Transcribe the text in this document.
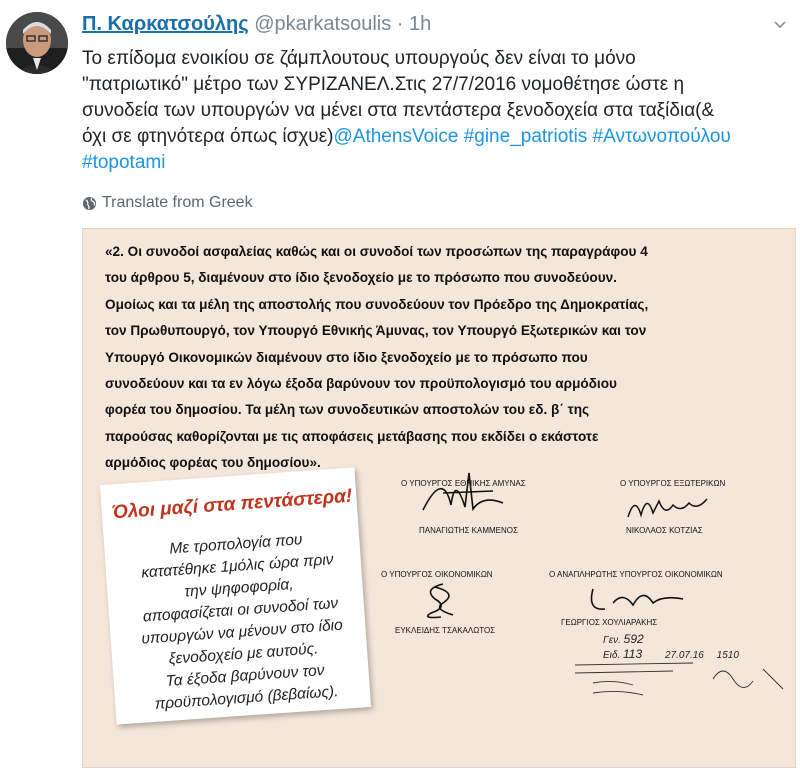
Π. Καρκατσούλης @pkarkatsoulis · 1h
Το επίδομα ενοικίου σε ζάμπλουτους υπουργούς δεν είναι το μόνο
"πατριωτικό" μέτρο των ΣΥΡΙΖΑΝΕΛ.Στις 27/7/2016 νομοθέτησε ώστε η
συνοδεία των υπουργών να μένει στα πεντάστερα ξενοδοχεία στα ταξίδια(&
όχι σε φτηνότερα όπως ίσχυε)@AthensVoice #gine_patriotis #Αντωνοπούλου
#topotami
Translate from Greek
«2. Οι συνοδοί ασφαλείας καθώς και οι συνοδοί των προσώπων της παραγράφου 4
του άρθρου 5, διαμένουν στο ίδιο ξενοδοχείο με το πρόσωπο που συνοδεύουν.
Ομοίως και τα μέλη της αποστολής που συνοδεύουν τον Πρόεδρο της Δημοκρατίας,
τον Πρωθυπουργό, τον Υπουργό Εθνικής Άμυνας, τον Υπουργό Εξωτερικών και τον
Υπουργό Οικονομικών διαμένουν στο ίδιο ξενοδοχείο με το πρόσωπο που
συνοδεύουν και τα εν λόγω έξοδα βαρύνουν τον προϋπολογισμό του αρμόδιου
φορέα του δημοσίου. Τα μέλη των συνοδευτικών αποστολών του εδ. β΄ της
παρούσας καθορίζονται με τις αποφάσεις μετάβασης που εκδίδει ο εκάστοτε
αρμόδιος φορέας του δημοσίου».
Ο ΥΠΟΥΡΓΟΣ ΕΘΝΙΚΗΣ ΑΜΥΝΑΣ
ΠΑΝΑΓΙΩΤΗΣ ΚΑΜΜΕΝΟΣ
Ο ΥΠΟΥΡΓΟΣ ΕΞΩΤΕΡΙΚΩΝ
ΝΙΚΟΛΑΟΣ ΚΟΤΖΙΑΣ
Ο ΥΠΟΥΡΓΟΣ ΟΙΚΟΝΟΜΙΚΩΝ
ΕΥΚΛΕΙΔΗΣ ΤΣΑΚΑΛΩΤΟΣ
Ο ΑΝΑΠΛΗΡΩΤΗΣ ΥΠΟΥΡΓΟΣ ΟΙΚΟΝΟΜΙΚΩΝ
ΓΕΩΡΓΙΟΣ ΧΟΥΛΙΑΡΑΚΗΣ
Γεν. 592
Ειδ. 113 27.07.16 1510
Όλοι μαζί στα πεντάστερα!
Με τροπολογία που
κατατέθηκε 1μόλις ώρα πριν
την ψηφοφορία,
αποφασίζεται οι συνοδοί των
υπουργών να μένουν στο ίδιο
ξενοδοχείο με αυτούς.
Τα έξοδα βαρύνουν τον
προϋπολογισμό (βεβαίως).
